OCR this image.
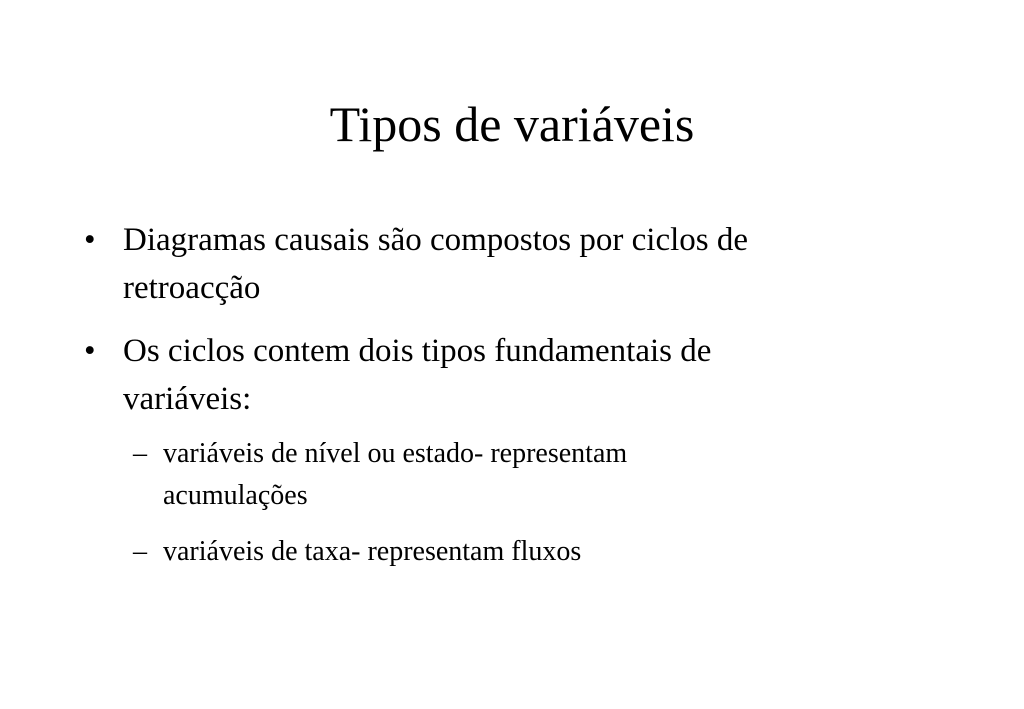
Tipos de variáveis
• Diagramas causais são compostos por ciclos de
retroacção
• Os ciclos contem dois tipos fundamentais de
variáveis:
– variáveis de nível ou estado- representam
acumulações
– variáveis de taxa- representam fluxos
